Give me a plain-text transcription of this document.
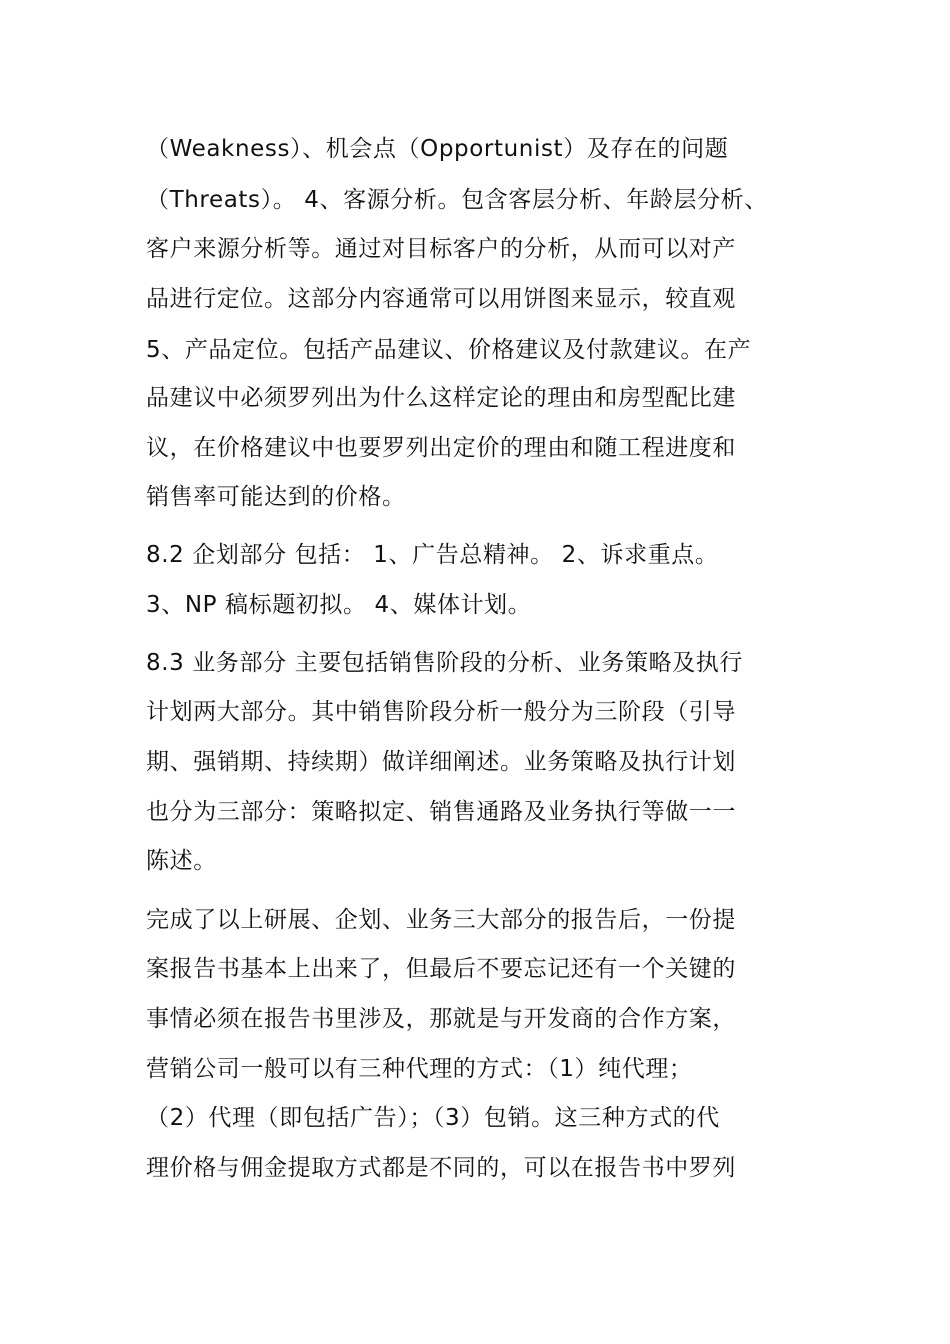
（Weakness）、机会点（Opportunist）及存在的问题
（Threats）。 4、客源分析。包含客层分析、年龄层分析、
客户来源分析等。通过对目标客户的分析，从而可以对产
品进行定位。这部分内容通常可以用饼图来显示，较直观
5、产品定位。包括产品建议、价格建议及付款建议。在产
品建议中必须罗列出为什么这样定论的理由和房型配比建
议，在价格建议中也要罗列出定价的理由和随工程进度和
销售率可能达到的价格。
8.2 企划部分 包括： 1、广告总精神。 2、诉求重点。
3、NP 稿标题初拟。 4、媒体计划。
8.3 业务部分 主要包括销售阶段的分析、业务策略及执行
计划两大部分。其中销售阶段分析一般分为三阶段（引导
期、强销期、持续期）做详细阐述。业务策略及执行计划
也分为三部分：策略拟定、销售通路及业务执行等做一一
陈述。
完成了以上研展、企划、业务三大部分的报告后，一份提
案报告书基本上出来了，但最后不要忘记还有一个关键的
事情必须在报告书里涉及，那就是与开发商的合作方案，
营销公司一般可以有三种代理的方式：（1）纯代理；
（2）代理（即包括广告）；（3）包销。这三种方式的代
理价格与佣金提取方式都是不同的，可以在报告书中罗列
